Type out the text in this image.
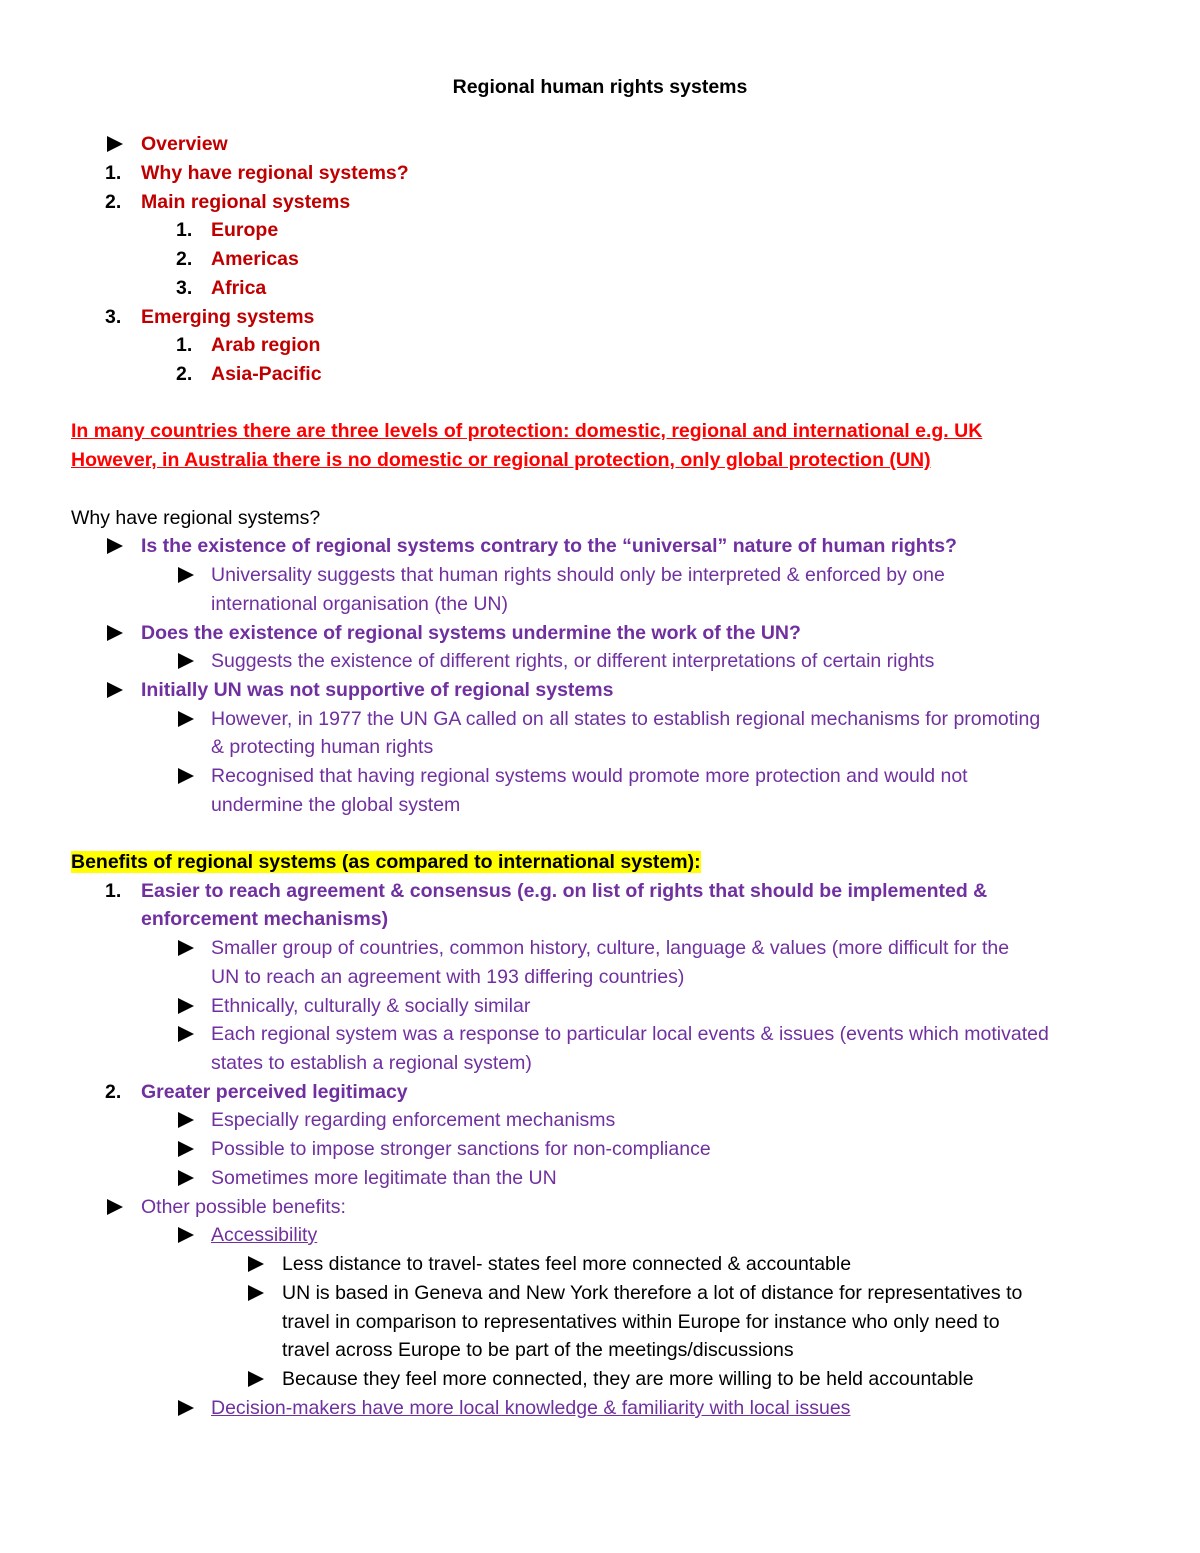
Regional human rights systems
Overview
1. Why have regional systems?
2. Main regional systems
1. Europe
2. Americas
3. Africa
3. Emerging systems
1. Arab region
2. Asia-Pacific
In many countries there are three levels of protection: domestic, regional and international e.g. UK
However, in Australia there is no domestic or regional protection, only global protection (UN)
Why have regional systems?
Is the existence of regional systems contrary to the “universal” nature of human rights?
Universality suggests that human rights should only be interpreted & enforced by one
international organisation (the UN)
Does the existence of regional systems undermine the work of the UN?
Suggests the existence of different rights, or different interpretations of certain rights
Initially UN was not supportive of regional systems
However, in 1977 the UN GA called on all states to establish regional mechanisms for promoting
& protecting human rights
Recognised that having regional systems would promote more protection and would not
undermine the global system
Benefits of regional systems (as compared to international system):
1. Easier to reach agreement & consensus (e.g. on list of rights that should be implemented &
enforcement mechanisms)
Smaller group of countries, common history, culture, language & values (more difficult for the
UN to reach an agreement with 193 differing countries)
Ethnically, culturally & socially similar
Each regional system was a response to particular local events & issues (events which motivated
states to establish a regional system)
2. Greater perceived legitimacy
Especially regarding enforcement mechanisms
Possible to impose stronger sanctions for non-compliance
Sometimes more legitimate than the UN
Other possible benefits:
Accessibility
Less distance to travel- states feel more connected & accountable
UN is based in Geneva and New York therefore a lot of distance for representatives to
travel in comparison to representatives within Europe for instance who only need to
travel across Europe to be part of the meetings/discussions
Because they feel more connected, they are more willing to be held accountable
Decision-makers have more local knowledge & familiarity with local issues
